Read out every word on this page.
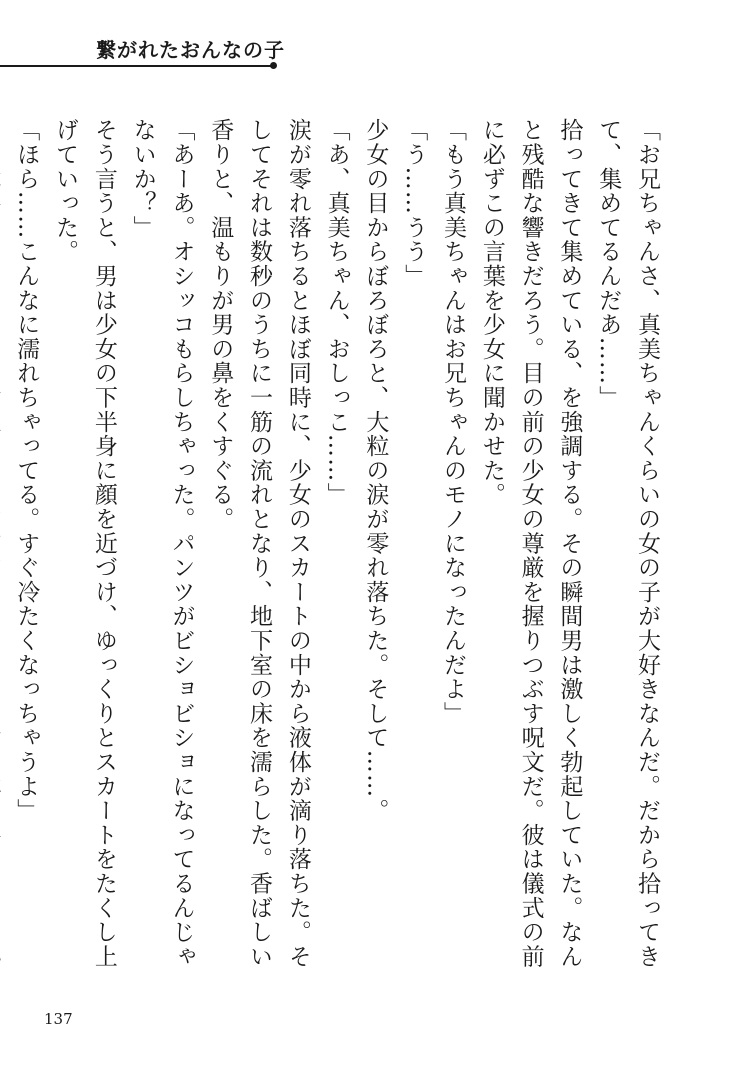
繋がれたおんなの子

「お兄ちゃんさ、真美ちゃんくらいの女の子が大好きなんだ。だから拾ってきて、集めてるんだあ……」

拾ってきて集めている、を強調する。その瞬間男は激しく勃起していた。なんと残酷な響きだろう。目の前の少女の尊厳を握りつぶす呪文だ。彼は儀式の前に必ずこの言葉を少女に聞かせた。

「もう真美ちゃんはお兄ちゃんのモノになったんだよ」

「う……うう」

少女の目からぼろぼろと、大粒の涙が零れ落ちた。そして……。

「あ、真美ちゃん、おしっこ……」

涙が零れ落ちるとほぼ同時に、少女のスカートの中から液体が滴り落ちた。そしてそれは数秒のうちに一筋の流れとなり、地下室の床を濡らした。香ばしい香りと、温もりが男の鼻をくすぐる。

「あーあ。オシッコもらしちゃった。パンツがビショビショになってるんじゃないか？」

そう言うと、男は少女の下半身に顔を近づけ、ゆっくりとスカートをたくし上げていった。

「ほら……こんなに濡れちゃってる。すぐ冷たくなっちゃうよ」

137
